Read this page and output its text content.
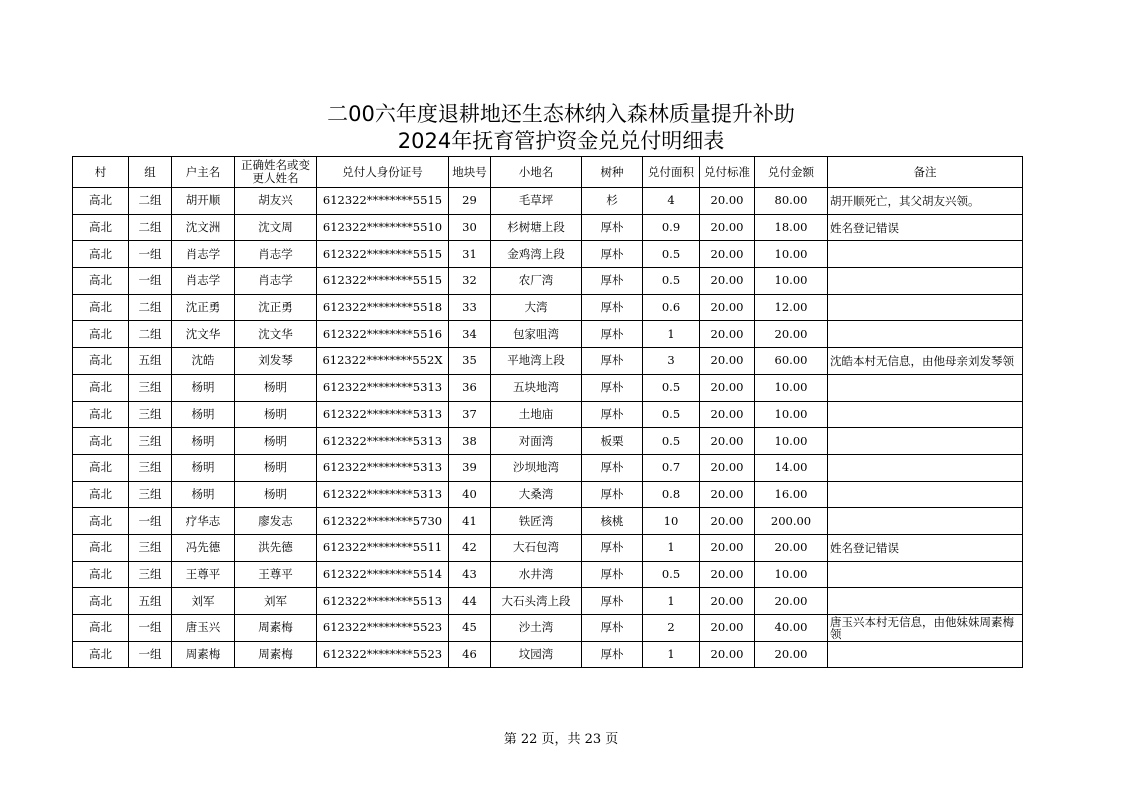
二00六年度退耕地还生态林纳入森林质量提升补助
2024年抚育管护资金兑兑付明细表
村	组	户主名	正确姓名或变更人姓名	兑付人身份证号	地块号	小地名	树种	兑付面积	兑付标准	兑付金额	备注
高北	二组	胡开顺	胡友兴	612322********5515	29	毛草坪	杉	4	20.00	80.00	胡开顺死亡，其父胡友兴领。
高北	二组	沈文洲	沈文周	612322********5510	30	杉树塘上段	厚朴	0.9	20.00	18.00	姓名登记错误
高北	一组	肖志学	肖志学	612322********5515	31	金鸡湾上段	厚朴	0.5	20.00	10.00	
高北	一组	肖志学	肖志学	612322********5515	32	农厂湾	厚朴	0.5	20.00	10.00	
高北	二组	沈正勇	沈正勇	612322********5518	33	大湾	厚朴	0.6	20.00	12.00	
高北	二组	沈文华	沈文华	612322********5516	34	包家咀湾	厚朴	1	20.00	20.00	
高北	五组	沈皓	刘发琴	612322********552X	35	平地湾上段	厚朴	3	20.00	60.00	沈皓本村无信息，由他母亲刘发琴领
高北	三组	杨明	杨明	612322********5313	36	五块地湾	厚朴	0.5	20.00	10.00	
高北	三组	杨明	杨明	612322********5313	37	土地庙	厚朴	0.5	20.00	10.00	
高北	三组	杨明	杨明	612322********5313	38	对面湾	板栗	0.5	20.00	10.00	
高北	三组	杨明	杨明	612322********5313	39	沙坝地湾	厚朴	0.7	20.00	14.00	
高北	三组	杨明	杨明	612322********5313	40	大桑湾	厚朴	0.8	20.00	16.00	
高北	一组	疗华志	廖发志	612322********5730	41	铁匠湾	核桃	10	20.00	200.00	
高北	三组	冯先德	洪先德	612322********5511	42	大石包湾	厚朴	1	20.00	20.00	姓名登记错误
高北	三组	王尊平	王尊平	612322********5514	43	水井湾	厚朴	0.5	20.00	10.00	
高北	五组	刘军	刘军	612322********5513	44	大石头湾上段	厚朴	1	20.00	20.00	
高北	一组	唐玉兴	周素梅	612322********5523	45	沙土湾	厚朴	2	20.00	40.00	唐玉兴本村无信息，由他妹妹周素梅领
高北	一组	周素梅	周素梅	612322********5523	46	坟园湾	厚朴	1	20.00	20.00	
第 22 页，共 23 页
